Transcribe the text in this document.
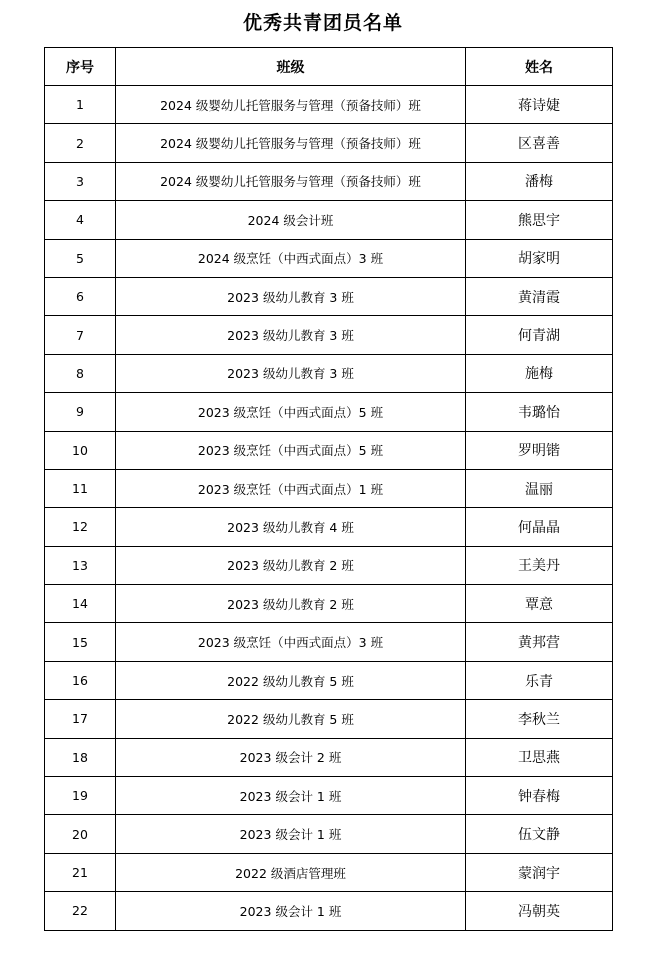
优秀共青团员名单
序号	班级	姓名
1	2024 级婴幼儿托管服务与管理（预备技师）班	蒋诗婕
2	2024 级婴幼儿托管服务与管理（预备技师）班	区喜善
3	2024 级婴幼儿托管服务与管理（预备技师）班	潘梅
4	2024 级会计班	熊思宇
5	2024 级烹饪（中西式面点）3 班	胡家明
6	2023 级幼儿教育 3 班	黄清霞
7	2023 级幼儿教育 3 班	何青湖
8	2023 级幼儿教育 3 班	施梅
9	2023 级烹饪（中西式面点）5 班	韦璐怡
10	2023 级烹饪（中西式面点）5 班	罗明锴
11	2023 级烹饪（中西式面点）1 班	温丽
12	2023 级幼儿教育 4 班	何晶晶
13	2023 级幼儿教育 2 班	王美丹
14	2023 级幼儿教育 2 班	覃意
15	2023 级烹饪（中西式面点）3 班	黄邦营
16	2022 级幼儿教育 5 班	乐青
17	2022 级幼儿教育 5 班	李秋兰
18	2023 级会计 2 班	卫思燕
19	2023 级会计 1 班	钟春梅
20	2023 级会计 1 班	伍文静
21	2022 级酒店管理班	蒙润宇
22	2023 级会计 1 班	冯朝英
